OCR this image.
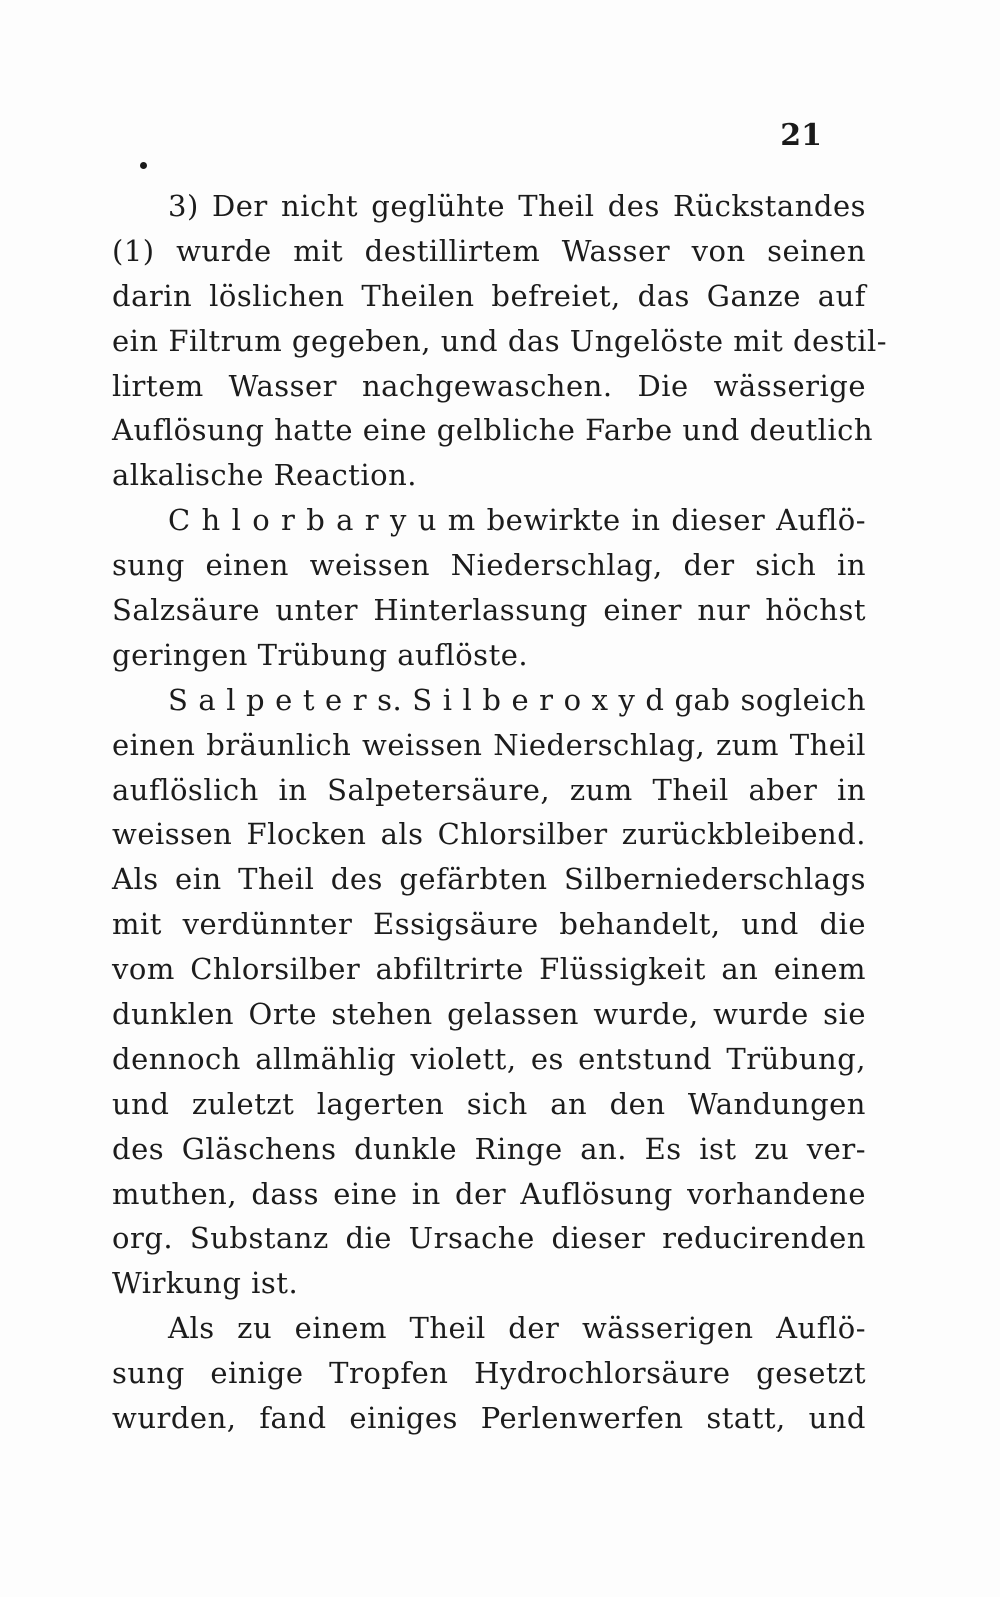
21
3) Der nicht geglühte Theil des Rückstandes
(1) wurde mit destillirtem Wasser von seinen
darin löslichen Theilen befreiet, das Ganze auf
ein Filtrum gegeben, und das Ungelöste mit destil-
lirtem Wasser nachgewaschen. Die wässerige
Auflösung hatte eine gelbliche Farbe und deutlich
alkalische Reaction.
C h l o r b a r y u m bewirkte in dieser Auflö-
sung einen weissen Niederschlag, der sich in
Salzsäure unter Hinterlassung einer nur höchst
geringen Trübung auflöste.
S a l p e t e r s. S i l b e r o x y d gab sogleich
einen bräunlich weissen Niederschlag, zum Theil
auflöslich in Salpetersäure, zum Theil aber in
weissen Flocken als Chlorsilber zurückbleibend.
Als ein Theil des gefärbten Silberniederschlags
mit verdünnter Essigsäure behandelt, und die
vom Chlorsilber abfiltrirte Flüssigkeit an einem
dunklen Orte stehen gelassen wurde, wurde sie
dennoch allmählig violett, es entstund Trübung,
und zuletzt lagerten sich an den Wandungen
des Gläschens dunkle Ringe an. Es ist zu ver-
muthen, dass eine in der Auflösung vorhandene
org. Substanz die Ursache dieser reducirenden
Wirkung ist.
Als zu einem Theil der wässerigen Auflö-
sung einige Tropfen Hydrochlorsäure gesetzt
wurden, fand einiges Perlenwerfen statt, und
